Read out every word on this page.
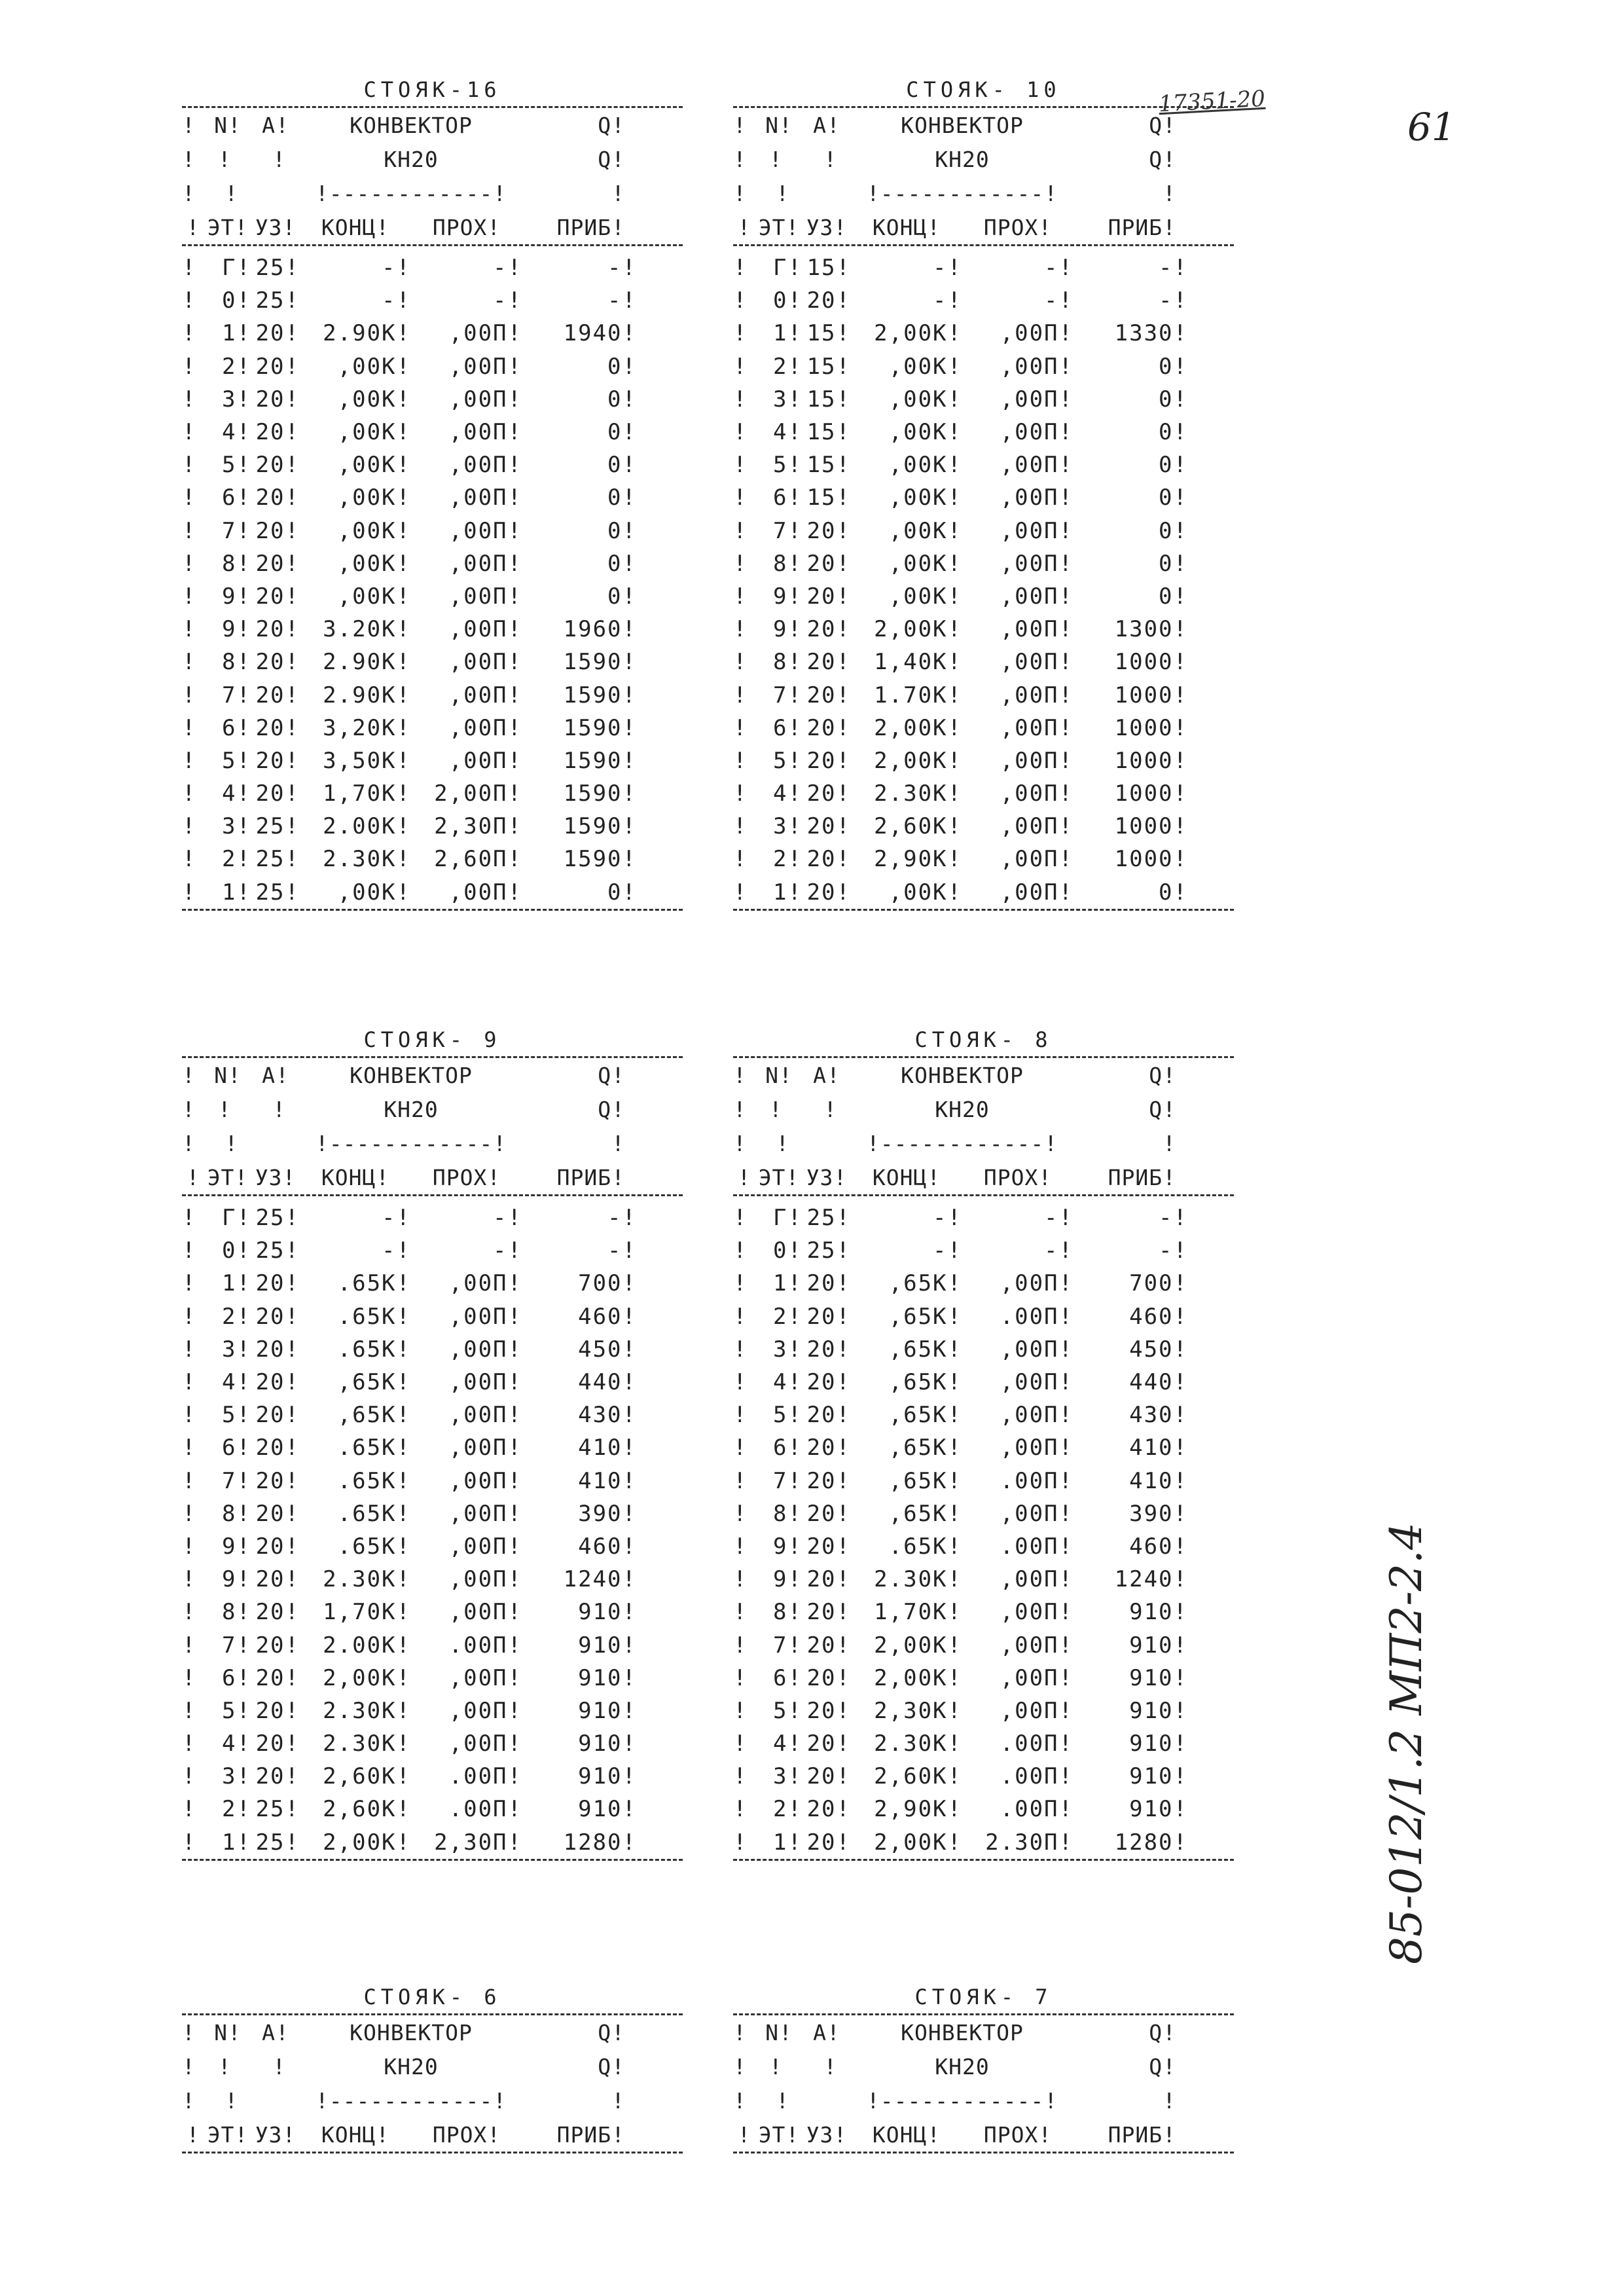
17351-20
61
85-012/1.2 МП2-2.4
СТОЯК-16
! N! А!	КОНВЕКТОР	Q!
! !   !	КН20	Q!
! !	!------------!	!
! ЭТ! УЗ!	КОНЦ!	ПРОХ!	ПРИБ!
!	Г! 25!	-!	-!	-!
!	0! 25!	-!	-!	-!
!	1! 20!	2.90К!	,00П!	1940!
!	2! 20!	,00К!	,00П!	0!
!	3! 20!	,00К!	,00П!	0!
!	4! 20!	,00К!	,00П!	0!
!	5! 20!	,00К!	,00П!	0!
!	6! 20!	,00К!	,00П!	0!
!	7! 20!	,00К!	,00П!	0!
!	8! 20!	,00К!	,00П!	0!
!	9! 20!	,00К!	,00П!	0!
!	9! 20!	3.20К!	,00П!	1960!
!	8! 20!	2.90К!	,00П!	1590!
!	7! 20!	2.90К!	,00П!	1590!
!	6! 20!	3,20К!	,00П!	1590!
!	5! 20!	3,50К!	,00П!	1590!
!	4! 20!	1,70К!	2,00П!	1590!
!	3! 25!	2.00К!	2,30П!	1590!
!	2! 25!	2.30К!	2,60П!	1590!
!	1! 25!	,00К!	,00П!	0!
СТОЯК- 10
! N! А!	КОНВЕКТОР	Q!
! !   !	КН20	Q!
! !	!------------!	!
! ЭТ! УЗ!	КОНЦ!	ПРОХ!	ПРИБ!
!	Г! 15!	-!	-!	-!
!	0! 20!	-!	-!	-!
!	1! 15!	2,00К!	,00П!	1330!
!	2! 15!	,00К!	,00П!	0!
!	3! 15!	,00К!	,00П!	0!
!	4! 15!	,00К!	,00П!	0!
!	5! 15!	,00К!	,00П!	0!
!	6! 15!	,00К!	,00П!	0!
!	7! 20!	,00К!	,00П!	0!
!	8! 20!	,00К!	,00П!	0!
!	9! 20!	,00К!	,00П!	0!
!	9! 20!	2,00К!	,00П!	1300!
!	8! 20!	1,40К!	,00П!	1000!
!	7! 20!	1.70К!	,00П!	1000!
!	6! 20!	2,00К!	,00П!	1000!
!	5! 20!	2,00К!	,00П!	1000!
!	4! 20!	2.30К!	,00П!	1000!
!	3! 20!	2,60К!	,00П!	1000!
!	2! 20!	2,90К!	,00П!	1000!
!	1! 20!	,00К!	,00П!	0!
СТОЯК- 9
! N! А!	КОНВЕКТОР	Q!
! !   !	КН20	Q!
! !	!------------!	!
! ЭТ! УЗ!	КОНЦ!	ПРОХ!	ПРИБ!
!	Г! 25!	-!	-!	-!
!	0! 25!	-!	-!	-!
!	1! 20!	.65К!	,00П!	700!
!	2! 20!	.65К!	,00П!	460!
!	3! 20!	.65К!	,00П!	450!
!	4! 20!	,65К!	,00П!	440!
!	5! 20!	,65К!	,00П!	430!
!	6! 20!	.65К!	,00П!	410!
!	7! 20!	.65К!	,00П!	410!
!	8! 20!	.65К!	,00П!	390!
!	9! 20!	.65К!	,00П!	460!
!	9! 20!	2.30К!	,00П!	1240!
!	8! 20!	1,70К!	,00П!	910!
!	7! 20!	2.00К!	.00П!	910!
!	6! 20!	2,00К!	,00П!	910!
!	5! 20!	2.30К!	,00П!	910!
!	4! 20!	2.30К!	,00П!	910!
!	3! 20!	2,60К!	.00П!	910!
!	2! 25!	2,60К!	.00П!	910!
!	1! 25!	2,00К!	2,30П!	1280!
СТОЯК- 8
! N! А!	КОНВЕКТОР	Q!
! !   !	КН20	Q!
! !	!------------!	!
! ЭТ! УЗ!	КОНЦ!	ПРОХ!	ПРИБ!
!	Г! 25!	-!	-!	-!
!	0! 25!	-!	-!	-!
!	1! 20!	,65К!	,00П!	700!
!	2! 20!	,65К!	.00П!	460!
!	3! 20!	,65К!	,00П!	450!
!	4! 20!	,65К!	,00П!	440!
!	5! 20!	,65К!	,00П!	430!
!	6! 20!	,65К!	,00П!	410!
!	7! 20!	,65К!	.00П!	410!
!	8! 20!	,65К!	,00П!	390!
!	9! 20!	.65К!	.00П!	460!
!	9! 20!	2.30К!	,00П!	1240!
!	8! 20!	1,70К!	,00П!	910!
!	7! 20!	2,00К!	,00П!	910!
!	6! 20!	2,00К!	,00П!	910!
!	5! 20!	2,30К!	,00П!	910!
!	4! 20!	2.30К!	.00П!	910!
!	3! 20!	2,60К!	.00П!	910!
!	2! 20!	2,90К!	.00П!	910!
!	1! 20!	2,00К!	2.30П!	1280!
СТОЯК- 6
! N! А!	КОНВЕКТОР	Q!
! !   !	КН20	Q!
! !	!------------!	!
! ЭТ! УЗ!	КОНЦ!	ПРОХ!	ПРИБ!
СТОЯК- 7
! N! А!	КОНВЕКТОР	Q!
! !   !	КН20	Q!
! !	!------------!	!
! ЭТ! УЗ!	КОНЦ!	ПРОХ!	ПРИБ!
